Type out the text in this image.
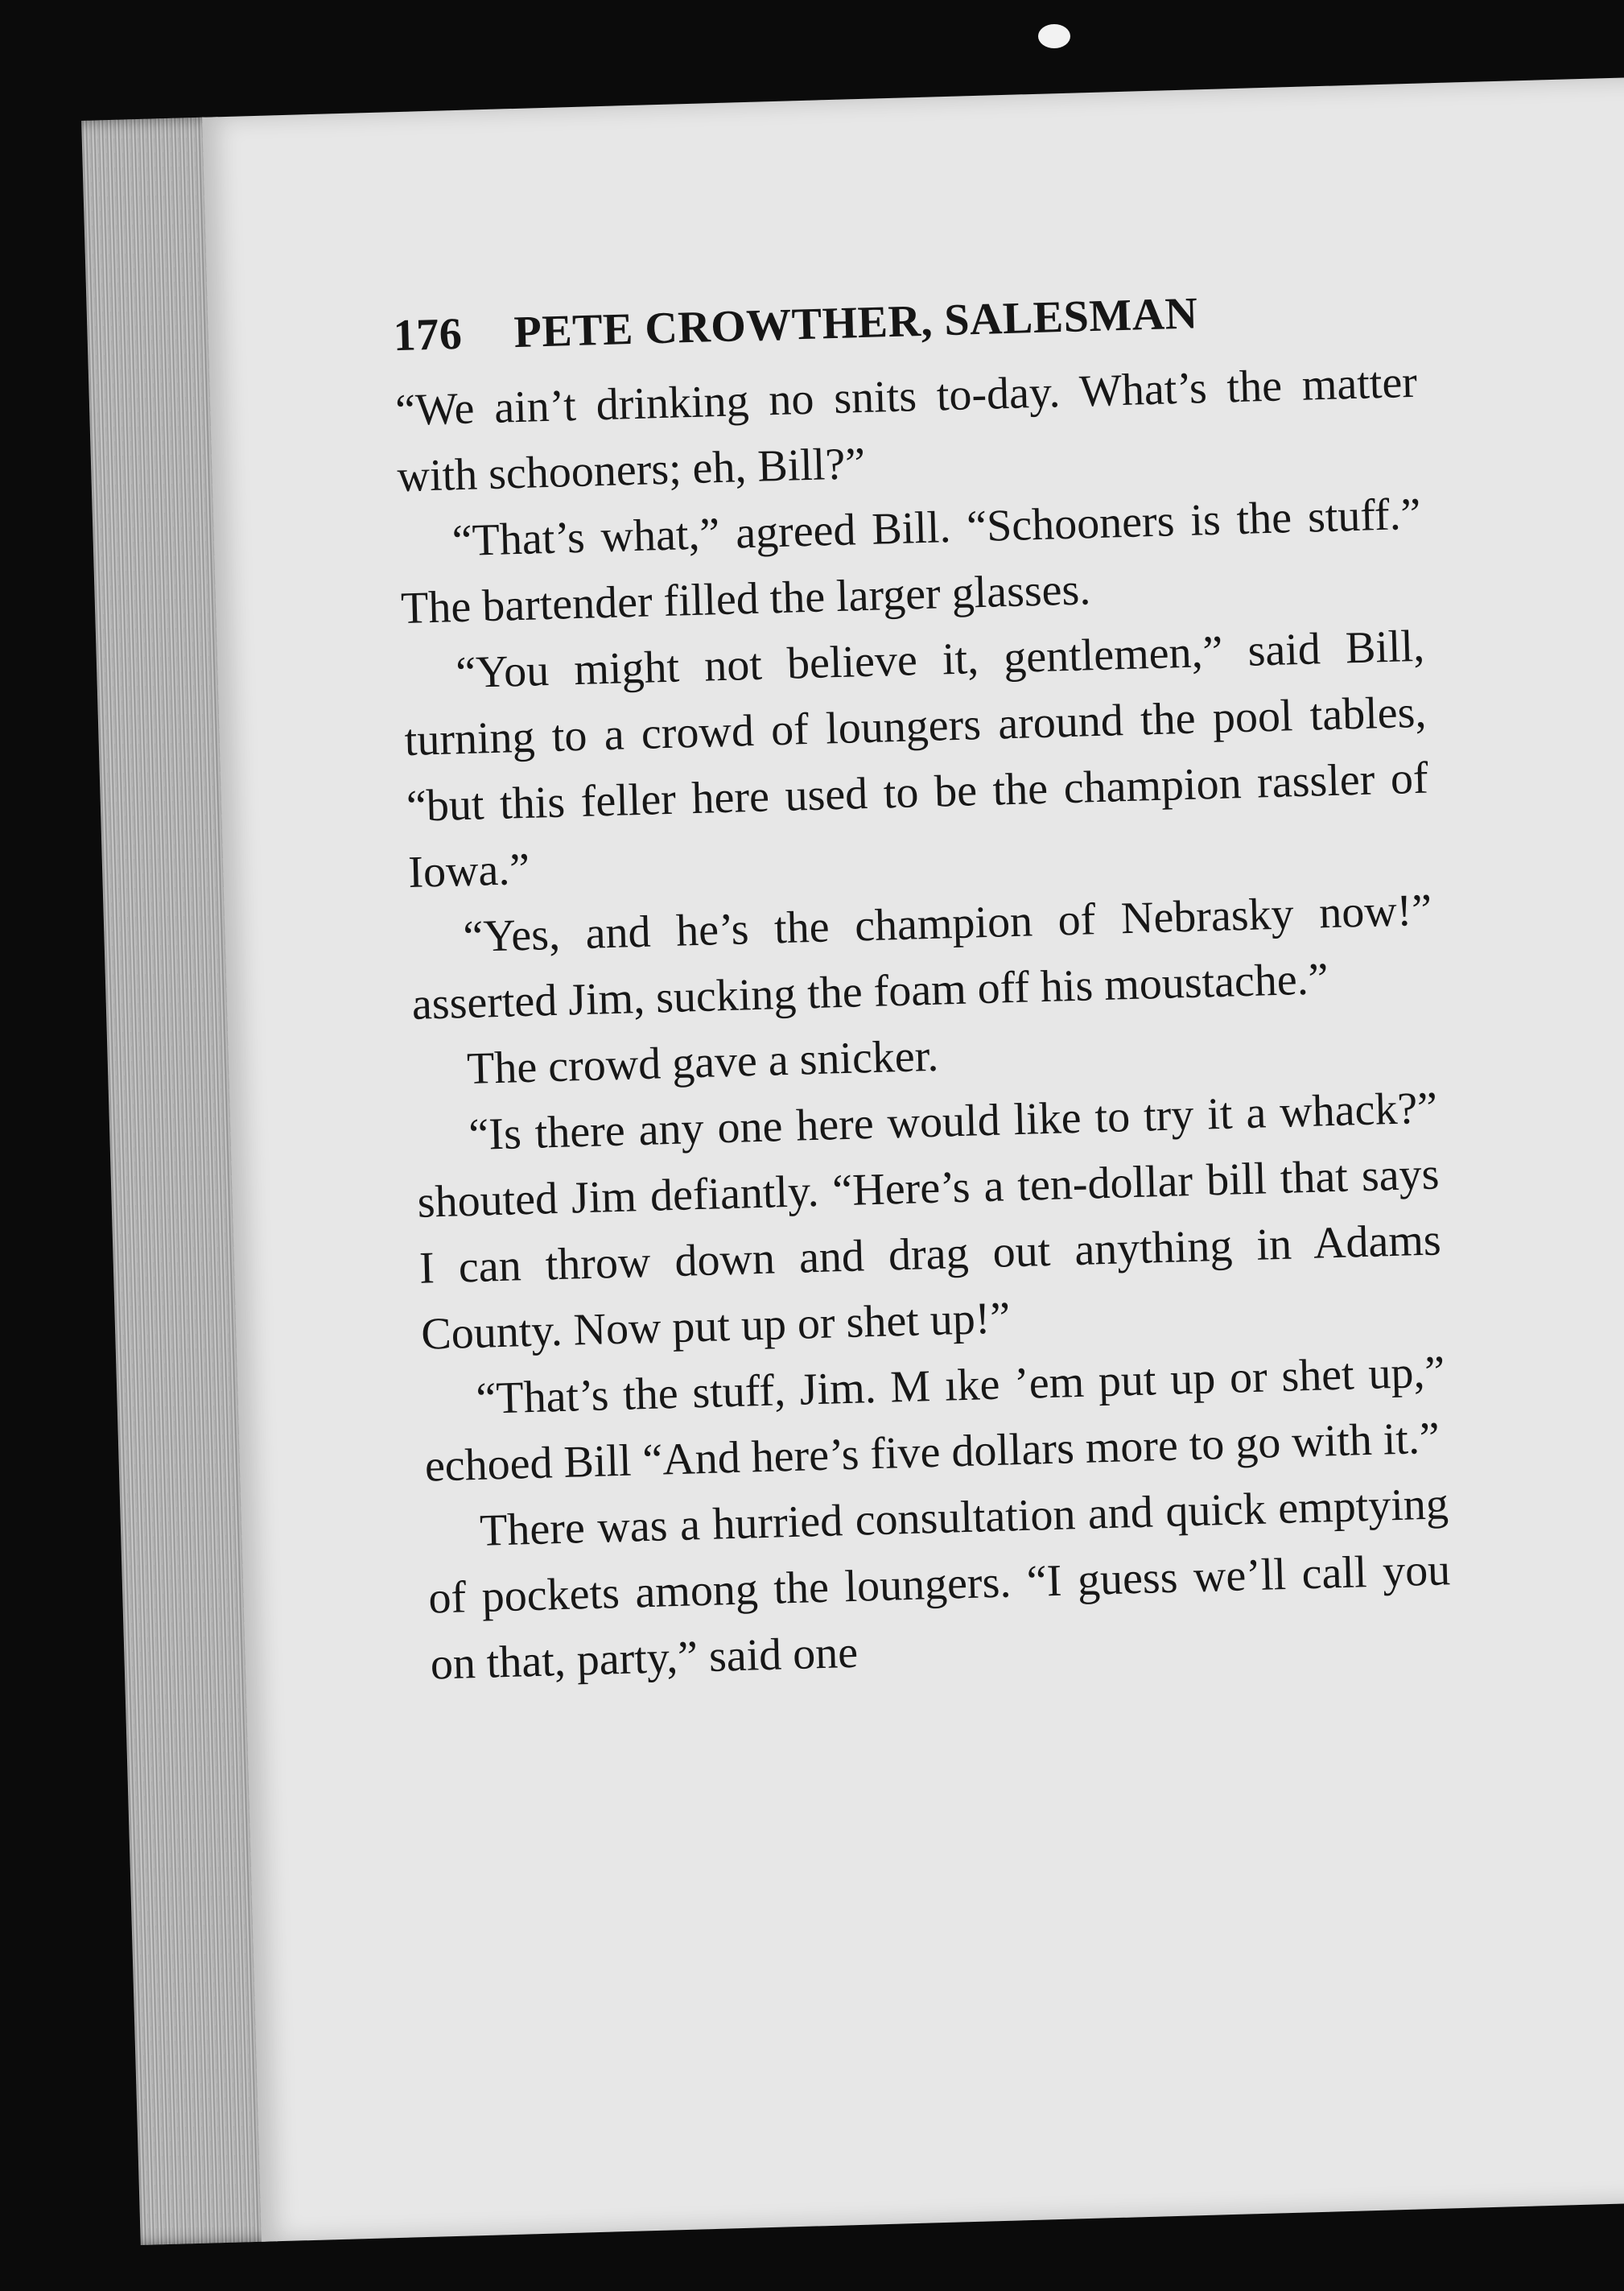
176 PETE CROWTHER, SALESMAN

“We ain’t drinking no snits to-day. What’s the matter with schooners; eh, Bill?”

“That’s what,” agreed Bill. “Schooners is the stuff.” The bartender filled the larger glasses.

“You might not believe it, gentlemen,” said Bill, turning to a crowd of loungers around the pool tables, “but this feller here used to be the champion rassler of Iowa.”

“Yes, and he’s the champion of Nebrasky now!” asserted Jim, sucking the foam off his moustache.”

The crowd gave a snicker.

“Is there any one here would like to try it a whack?” shouted Jim defiantly. “Here’s a ten-dollar bill that says I can throw down and drag out anything in Adams County. Now put up or shet up!”

“That’s the stuff, Jim. M ıke ’em put up or shet up,” echoed Bill “And here’s five dollars more to go with it.”

There was a hurried consultation and quick emptying of pockets among the loungers. “I guess we’ll call you on that, party,” said one
